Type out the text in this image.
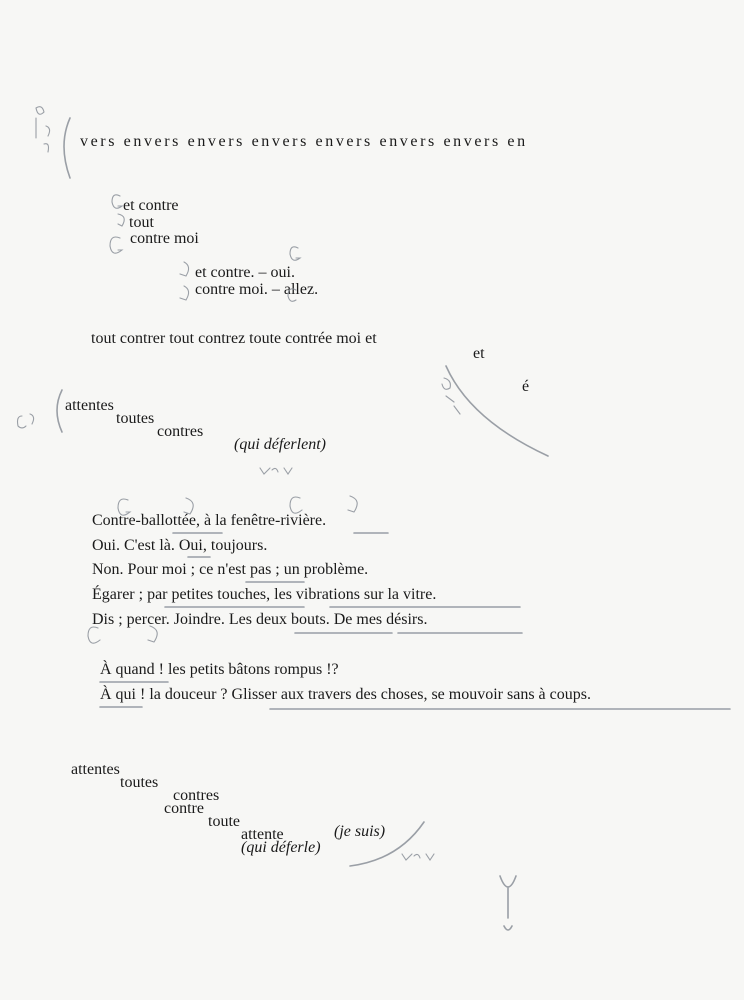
vers envers envers envers envers envers envers en
et contre
tout
contre moi
et contre. – oui.
contre moi. – allez.
tout contrer tout contrez toute contrée moi et
et
é
attentes
toutes
contres
(qui déferlent)
Contre-ballottée, à la fenêtre-rivière.
Oui. C'est là. Oui, toujours.
Non. Pour moi ; ce n'est pas ; un problème.
Égarer ; par petites touches, les vibrations sur la vitre.
Dis ; percer. Joindre. Les deux bouts. De mes désirs.
À quand ! les petits bâtons rompus !?
À qui ! la douceur ? Glisser aux travers des choses, se mouvoir sans à coups.
attentes
toutes
contres
contre
toute
attente	(je suis)
(qui déferle)
